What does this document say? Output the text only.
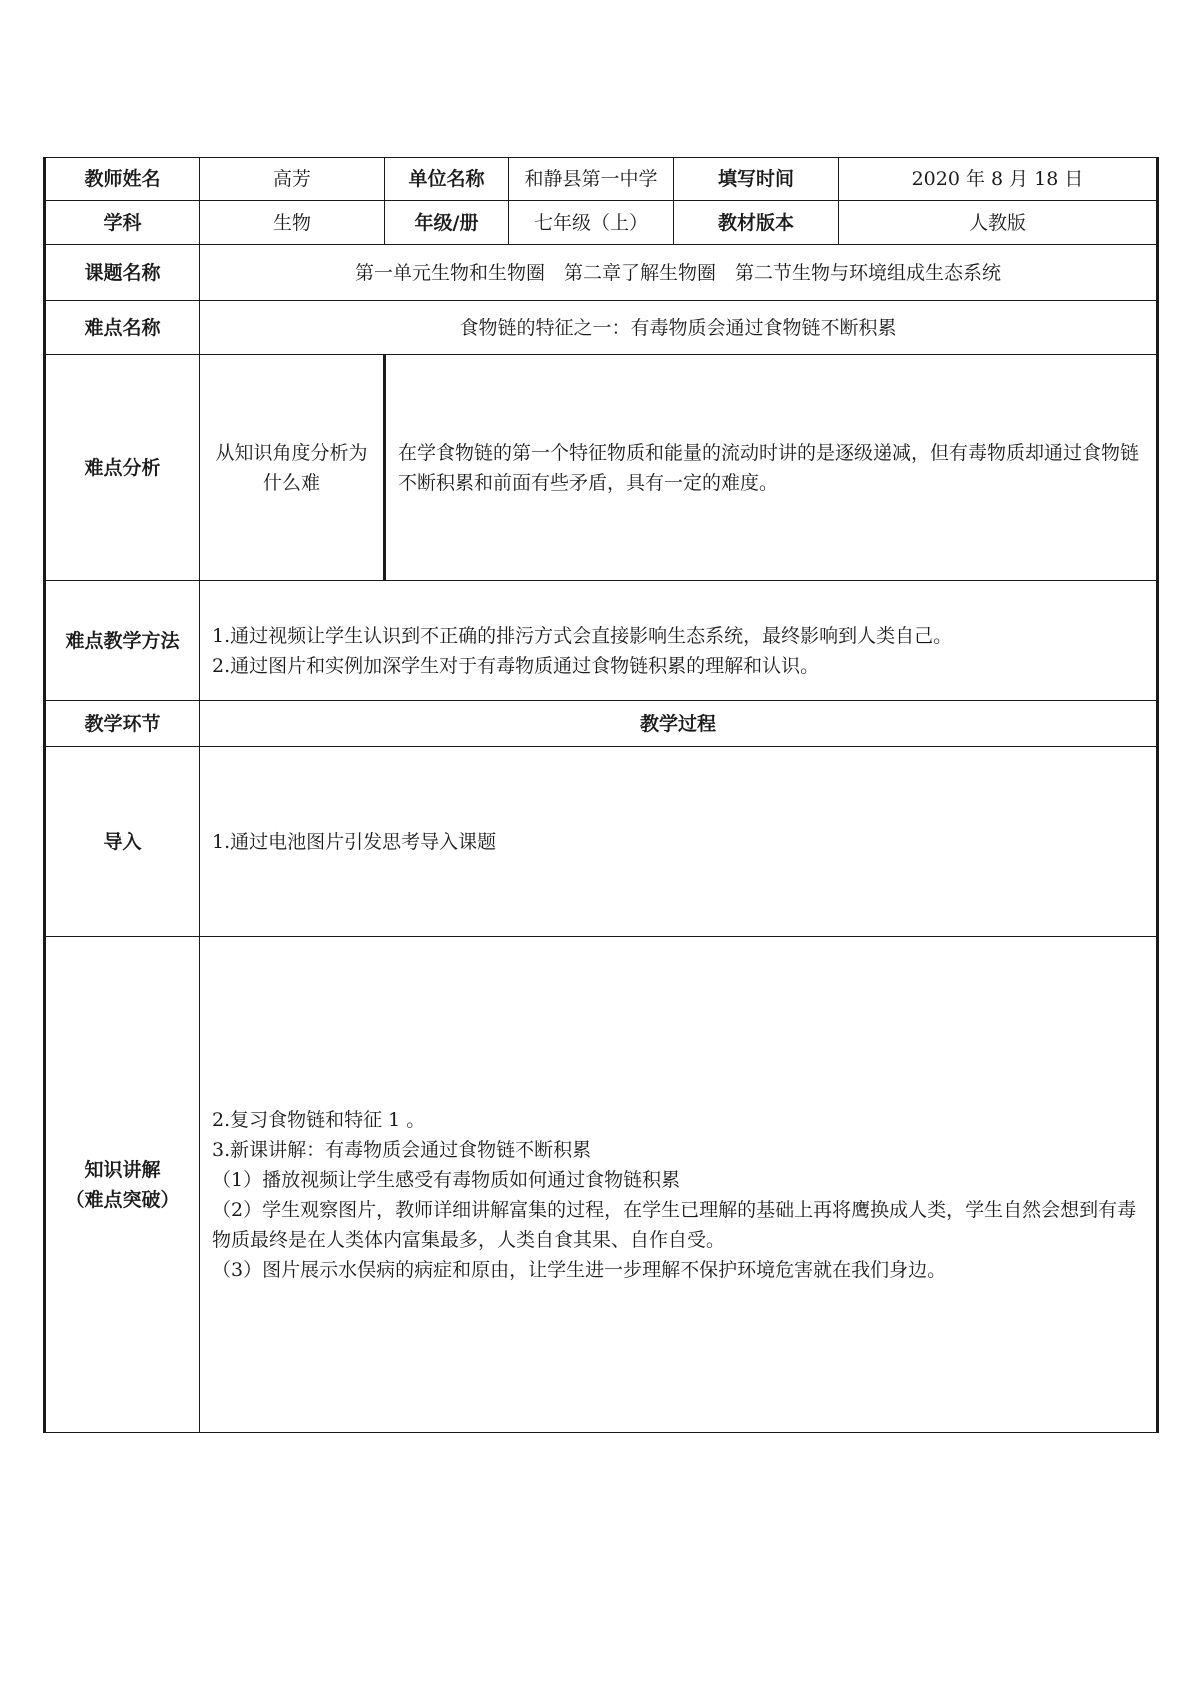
教师姓名	高芳	单位名称	和静县第一中学	填写时间	2020 年 8 月 18 日
学科	生物	年级/册	七年级（上）	教材版本	人教版
课题名称	第一单元生物和生物圈　第二章了解生物圈　第二节生物与环境组成生态系统				
难点名称	食物链的特征之一：有毒物质会通过食物链不断积累				
难点分析	从知识角度分析为什么难	在学食物链的第一个特征物质和能量的流动时讲的是逐级递减，但有毒物质却通过食物链不断积累和前面有些矛盾，具有一定的难度。			
难点教学方法	1.通过视频让学生认识到不正确的排污方式会直接影响生态系统，最终影响到人类自己。
2.通过图片和实例加深学生对于有毒物质通过食物链积累的理解和认识。				

教学环节	教学过程				
导入	1.通过电池图片引发思考导入课题				

知识讲解
（难点突破）	2.复习食物链和特征 1 。
3.新课讲解：有毒物质会通过食物链不断积累
（1）播放视频让学生感受有毒物质如何通过食物链积累
（2）学生观察图片，教师详细讲解富集的过程，在学生已理解的基础上再将鹰换成人类，学生自然会想到有毒物质最终是在人类体内富集最多，人类自食其果、自作自受。
（3）图片展示水俣病的病症和原由，让学生进一步理解不保护环境危害就在我们身边。				
